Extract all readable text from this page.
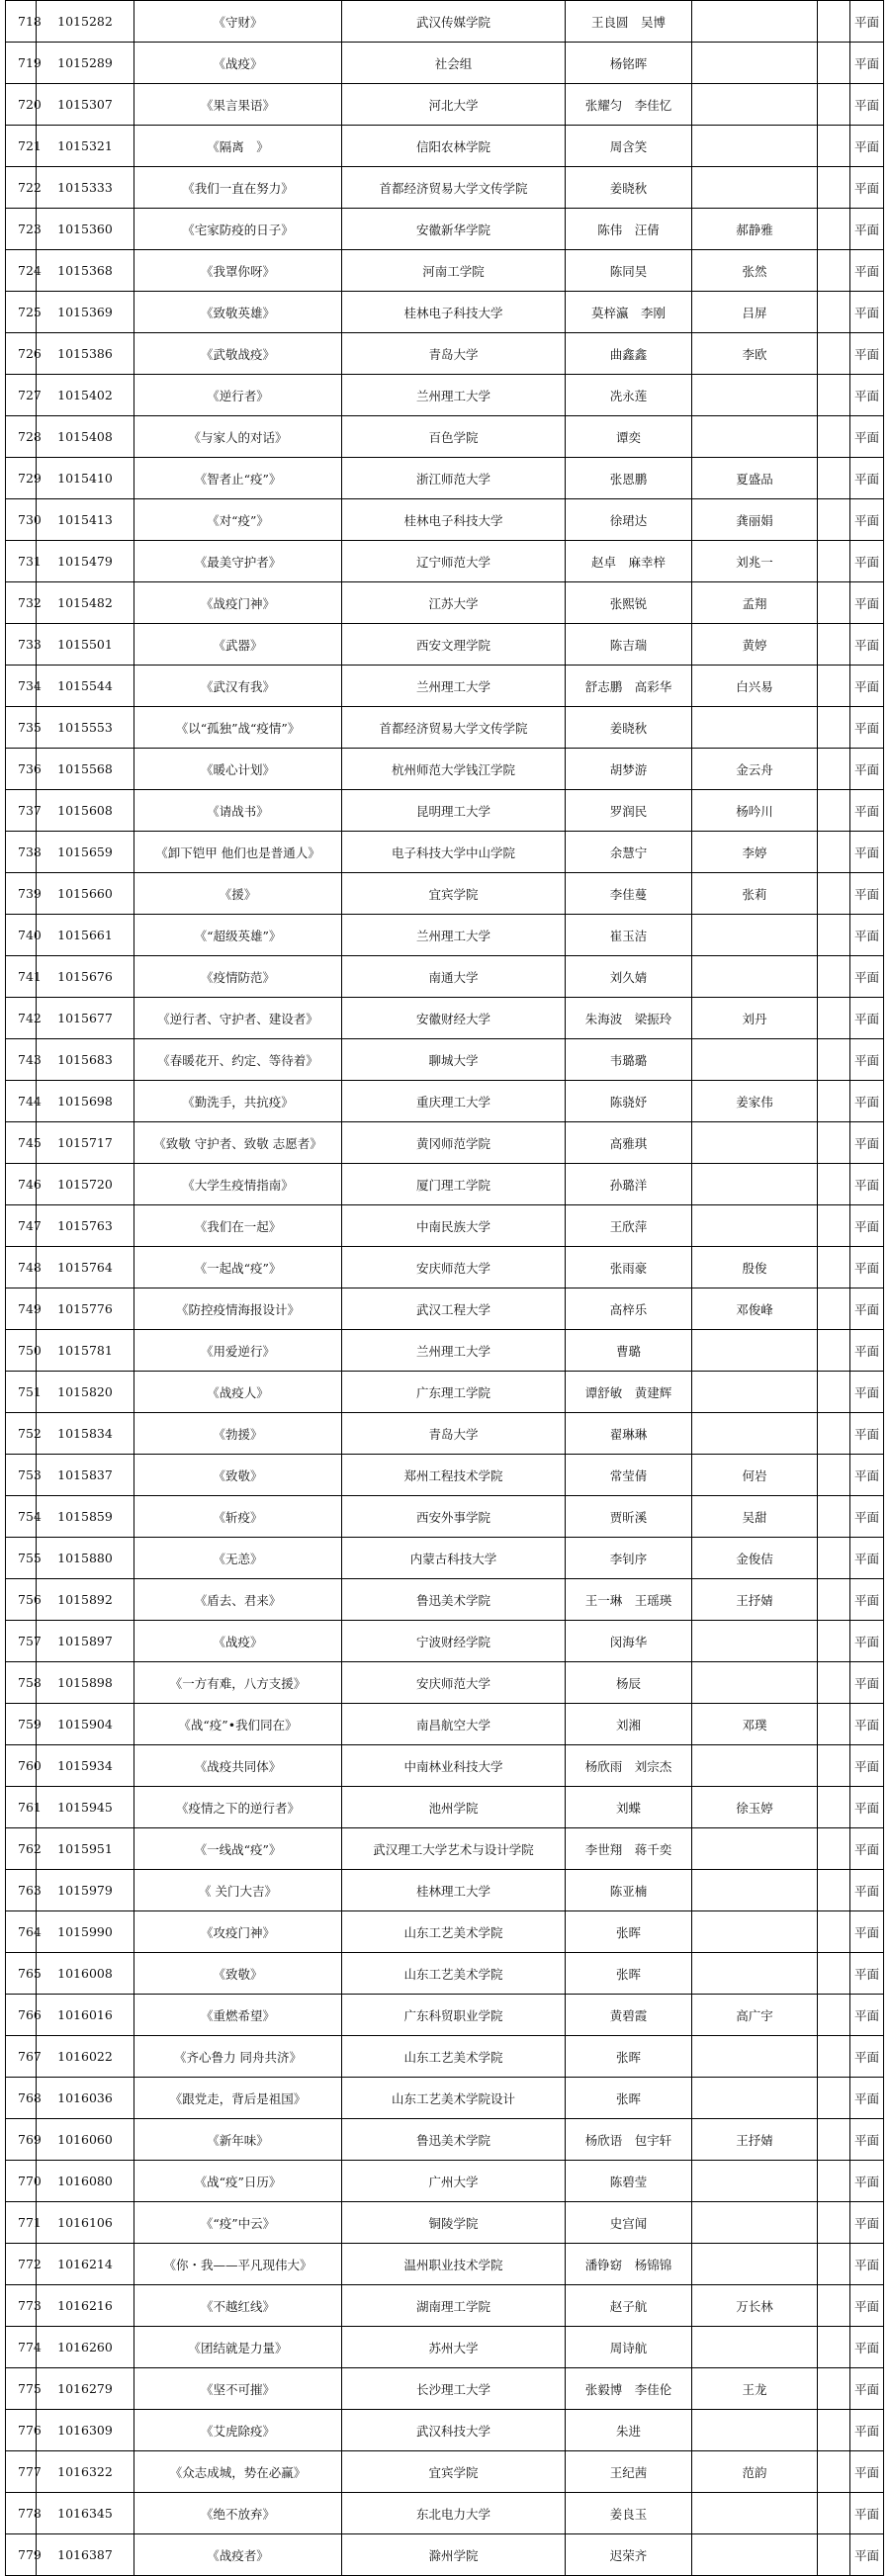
718	1015282	《守财》	武汉传媒学院	王良圆　吴博			平面
719	1015289	《战疫》	社会组	杨铭晖			平面
720	1015307	《果言果语》	河北大学	张耀匀　李佳忆			平面
721	1015321	《隔离　》	信阳农林学院	周含笑			平面
722	1015333	《我们一直在努力》	首都经济贸易大学文传学院	姜晓秋			平面
723	1015360	《宅家防疫的日子》	安徽新华学院	陈伟　汪倩	郝静雅		平面
724	1015368	《我罩你呀》	河南工学院	陈同昊	张然		平面
725	1015369	《致敬英雄》	桂林电子科技大学	莫梓瀛　李刚	吕屏		平面
726	1015386	《武敬战疫》	青岛大学	曲鑫鑫	李欧		平面
727	1015402	《逆行者》	兰州理工大学	冼永莲			平面
728	1015408	《与家人的对话》	百色学院	谭奕			平面
729	1015410	《智者止“疫”》	浙江师范大学	张恩鹏	夏盛品		平面
730	1015413	《对“疫”》	桂林电子科技大学	徐珺达	龚丽娟		平面
731	1015479	《最美守护者》	辽宁师范大学	赵卓　麻幸梓	刘兆一		平面
732	1015482	《战疫门神》	江苏大学	张熙锐	孟翔		平面
733	1015501	《武器》	西安文理学院	陈吉瑞	黄婷		平面
734	1015544	《武汉有我》	兰州理工大学	舒志鹏　高彩华	白兴易		平面
735	1015553	《以“孤独”战“疫情”》	首都经济贸易大学文传学院	姜晓秋			平面
736	1015568	《暖心计划》	杭州师范大学钱江学院	胡梦游	金云舟		平面
737	1015608	《请战书》	昆明理工大学	罗润民	杨吟川		平面
738	1015659	《卸下铠甲 他们也是普通人》	电子科技大学中山学院	余慧宁	李婷		平面
739	1015660	《援》	宜宾学院	李佳蔓	张莉		平面
740	1015661	《“超级英雄”》	兰州理工大学	崔玉洁			平面
741	1015676	《疫情防范》	南通大学	刘久婧			平面
742	1015677	《逆行者、守护者、建设者》	安徽财经大学	朱海波　梁振玲	刘丹		平面
743	1015683	《春暖花开、约定、等待着》	聊城大学	韦璐璐			平面
744	1015698	《勤洗手，共抗疫》	重庆理工大学	陈骁妤	姜家伟		平面
745	1015717	《致敬 守护者、致敬 志愿者》	黄冈师范学院	高雅琪			平面
746	1015720	《大学生疫情指南》	厦门理工学院	孙璐洋			平面
747	1015763	《我们在一起》	中南民族大学	王欣萍			平面
748	1015764	《一起战“疫”》	安庆师范大学	张雨豪	殷俊		平面
749	1015776	《防控疫情海报设计》	武汉工程大学	高梓乐	邓俊峰		平面
750	1015781	《用爱逆行》	兰州理工大学	曹璐			平面
751	1015820	《战疫人》	广东理工学院	谭舒敏　黄建辉			平面
752	1015834	《勃援》	青岛大学	翟琳琳			平面
753	1015837	《致敬》	郑州工程技术学院	常莹倩	何岩		平面
754	1015859	《斩疫》	西安外事学院	贾昕溪	吴甜		平面
755	1015880	《无恙》	内蒙古科技大学	李钊序	金俊佶		平面
756	1015892	《盾去、君来》	鲁迅美术学院	王一琳　王瑶瑛	王抒婧		平面
757	1015897	《战疫》	宁波财经学院	闵海华			平面
758	1015898	《一方有难，八方支援》	安庆师范大学	杨辰			平面
759	1015904	《战“疫”•我们同在》	南昌航空大学	刘湘	邓璞		平面
760	1015934	《战疫共同体》	中南林业科技大学	杨欣雨　刘宗杰			平面
761	1015945	《疫情之下的逆行者》	池州学院	刘蝶	徐玉婷		平面
762	1015951	《一线战“疫”》	武汉理工大学艺术与设计学院	李世翔　蒋千奕			平面
763	1015979	《 关门大吉》	桂林理工大学	陈亚楠			平面
764	1015990	《攻疫门神》	山东工艺美术学院	张晖			平面
765	1016008	《致敬》	山东工艺美术学院	张晖			平面
766	1016016	《重燃希望》	广东科贸职业学院	黄碧霞	高广宇		平面
767	1016022	《齐心鲁力 同舟共济》	山东工艺美术学院	张晖			平面
768	1016036	《跟党走，背后是祖国》	山东工艺美术学院设计	张晖			平面
769	1016060	《新年味》	鲁迅美术学院	杨欣语　包宇轩	王抒婧		平面
770	1016080	《战“疫”日历》	广州大学	陈碧莹			平面
771	1016106	《“疫”中云》	铜陵学院	史宫闻			平面
772	1016214	《你・我——平凡现伟大》	温州职业技术学院	潘铮窈　杨锦锦			平面
773	1016216	《不越红线》	湖南理工学院	赵子航	万长林		平面
774	1016260	《团结就是力量》	苏州大学	周诗航			平面
775	1016279	《坚不可摧》	长沙理工大学	张毅博　李佳伦	王龙		平面
776	1016309	《艾虎除疫》	武汉科技大学	朱进			平面
777	1016322	《众志成城，势在必赢》	宜宾学院	王纪茜	范韵		平面
778	1016345	《绝不放弃》	东北电力大学	姜良玉			平面
779	1016387	《战疫者》	滁州学院	迟荣齐			平面
